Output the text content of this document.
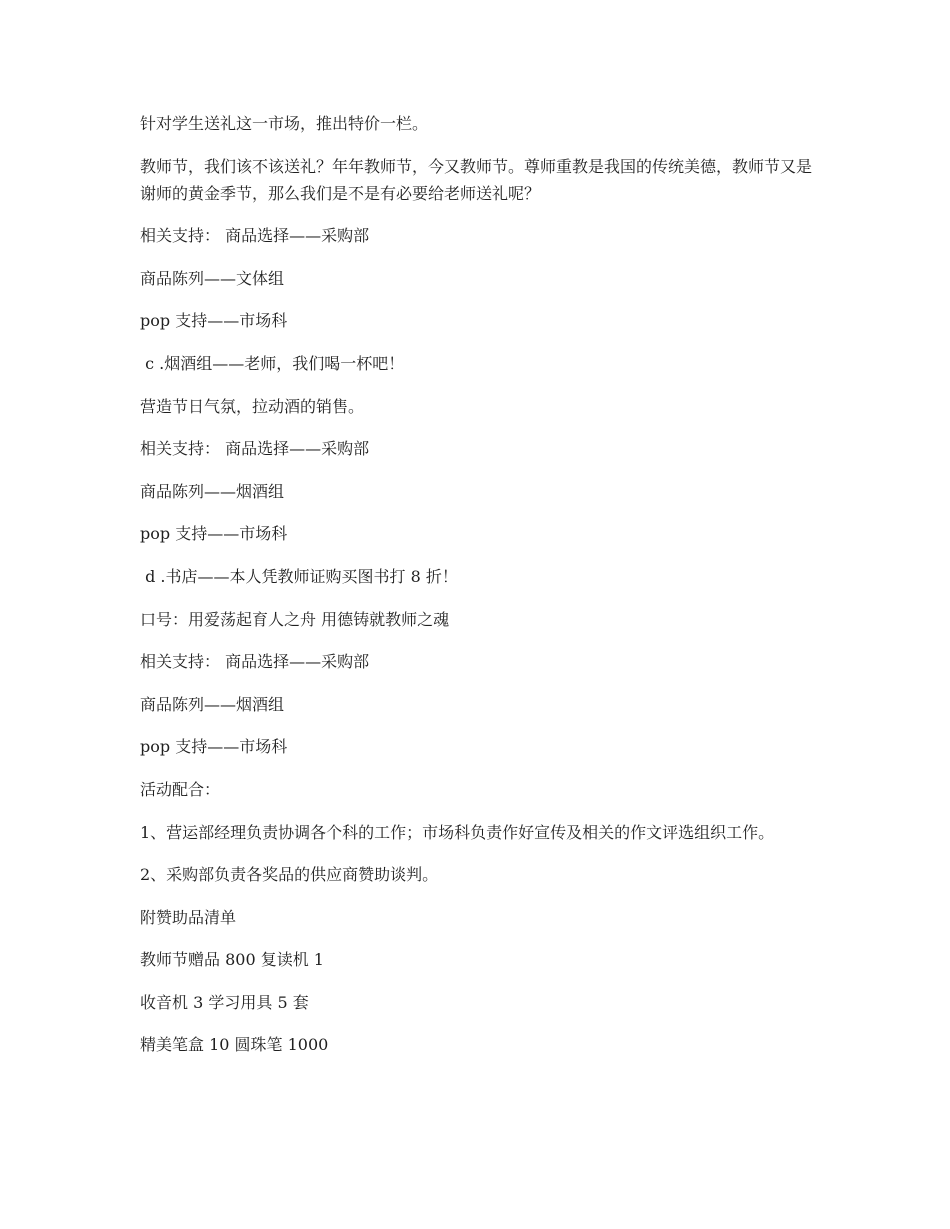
针对学生送礼这一市场，推出特价一栏。

教师节，我们该不该送礼？年年教师节，今又教师节。尊师重教是我国的传统美德，教师节又是谢师的黄金季节，那么我们是不是有必要给老师送礼呢？

相关支持： 商品选择——采购部

商品陈列——文体组

pop 支持——市场科

c .烟酒组——老师，我们喝一杯吧！

营造节日气氛，拉动酒的销售。

相关支持： 商品选择——采购部

商品陈列——烟酒组

pop 支持——市场科

d .书店——本人凭教师证购买图书打 8 折！

口号：用爱荡起育人之舟 用德铸就教师之魂

相关支持： 商品选择——采购部

商品陈列——烟酒组

pop 支持——市场科

活动配合：

1、营运部经理负责协调各个科的工作；市场科负责作好宣传及相关的作文评选组织工作。

2、采购部负责各奖品的供应商赞助谈判。

附赞助品清单

教师节赠品 800 复读机 1

收音机 3 学习用具 5 套

精美笔盒 10 圆珠笔 1000
